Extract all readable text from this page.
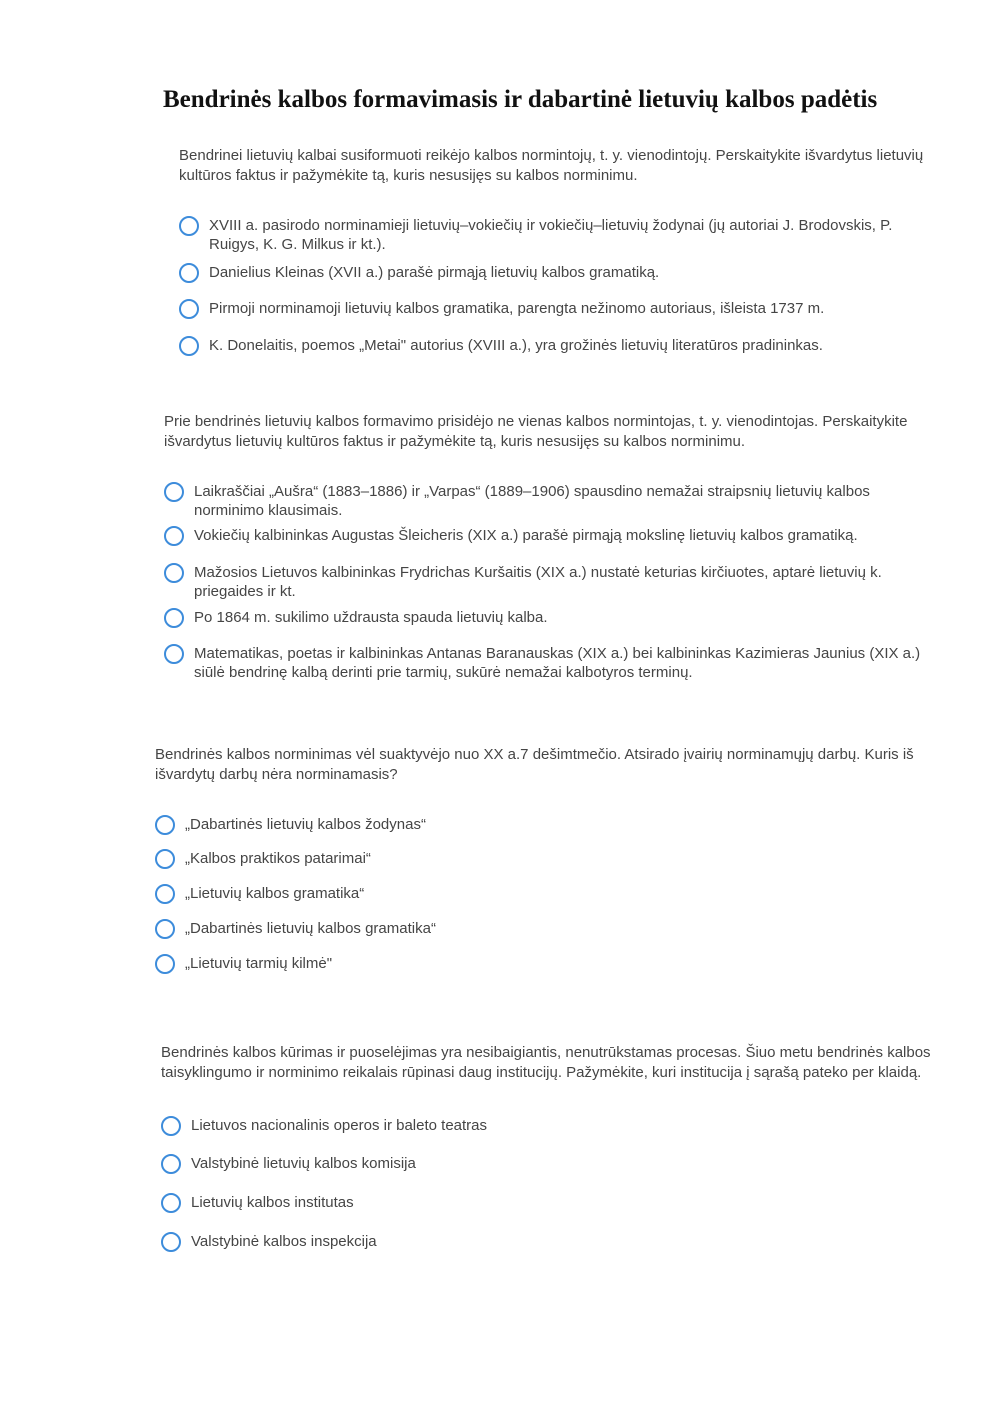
Bendrinės kalbos formavimasis ir dabartinė lietuvių kalbos padėtis

Bendrinei lietuvių kalbai susiformuoti reikėjo kalbos normintojų, t. y. vienodintojų. Perskaitykite išvardytus lietuvių kultūros faktus ir pažymėkite tą, kuris nesusijęs su kalbos norminimu.

XVIII a. pasirodo norminamieji lietuvių–vokiečių ir vokiečių–lietuvių žodynai (jų autoriai J. Brodovskis, P. Ruigys, K. G. Milkus ir kt.).
Danielius Kleinas (XVII a.) parašė pirmąją lietuvių kalbos gramatiką.
Pirmoji norminamoji lietuvių kalbos gramatika, parengta nežinomo autoriaus, išleista 1737 m.
K. Donelaitis, poemos „Metai" autorius (XVIII a.), yra grožinės lietuvių literatūros pradininkas.

Prie bendrinės lietuvių kalbos formavimo prisidėjo ne vienas kalbos normintojas, t. y. vienodintojas. Perskaitykite išvardytus lietuvių kultūros faktus ir pažymėkite tą, kuris nesusijęs su kalbos norminimu.

Laikraščiai „Aušra“ (1883–1886) ir „Varpas“ (1889–1906) spausdino nemažai straipsnių lietuvių kalbos norminimo klausimais.
Vokiečių kalbininkas Augustas Šleicheris (XIX a.) parašė pirmąją mokslinę lietuvių kalbos gramatiką.
Mažosios Lietuvos kalbininkas Frydrichas Kuršaitis (XIX a.) nustatė keturias kirčiuotes, aptarė lietuvių k. priegaides ir kt.
Po 1864 m. sukilimo uždrausta spauda lietuvių kalba.
Matematikas, poetas ir kalbininkas Antanas Baranauskas (XIX a.) bei kalbininkas Kazimieras Jaunius (XIX a.) siūlė bendrinę kalbą derinti prie tarmių, sukūrė nemažai kalbotyros terminų.

Bendrinės kalbos norminimas vėl suaktyvėjo nuo XX a.7 dešimtmečio. Atsirado įvairių norminamųjų darbų. Kuris iš išvardytų darbų nėra norminamasis?

„Dabartinės lietuvių kalbos žodynas“
„Kalbos praktikos patarimai“
„Lietuvių kalbos gramatika“
„Dabartinės lietuvių kalbos gramatika“
„Lietuvių tarmių kilmė"

Bendrinės kalbos kūrimas ir puoselėjimas yra nesibaigiantis, nenutrūkstamas procesas. Šiuo metu bendrinės kalbos taisyklingumo ir norminimo reikalais rūpinasi daug institucijų. Pažymėkite, kuri institucija į sąrašą pateko per klaidą.

Lietuvos nacionalinis operos ir baleto teatras
Valstybinė lietuvių kalbos komisija
Lietuvių kalbos institutas
Valstybinė kalbos inspekcija
